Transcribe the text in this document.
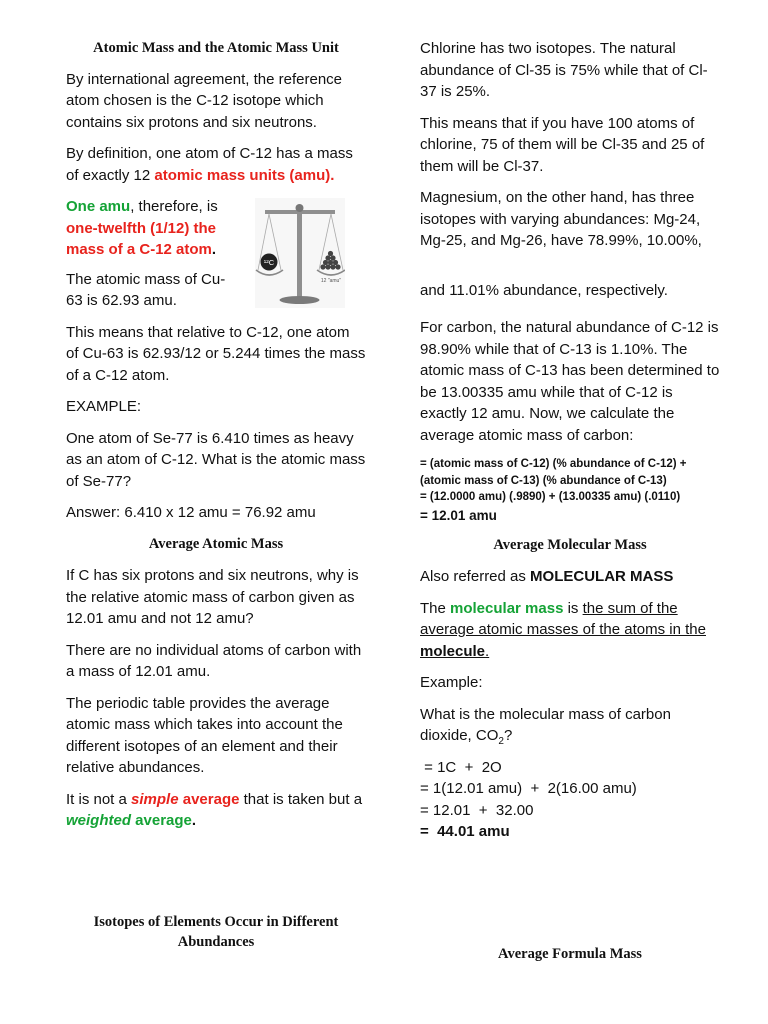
Atomic Mass and the Atomic Mass Unit

By international agreement, the reference atom chosen is the C-12 isotope which contains six protons and six neutrons.

By definition, one atom of C-12 has a mass of exactly 12 atomic mass units (amu).

One amu, therefore, is
one-twelfth (1/12) the mass of a C-12 atom.

The atomic mass of Cu-63 is 62.93 amu.

This means that relative to C-12, one atom of Cu-63 is 62.93/12 or 5.244 times the mass of a C-12 atom.

EXAMPLE:

One atom of Se-77 is 6.410 times as heavy as an atom of C-12. What is the atomic mass of Se-77?

Answer: 6.410 x 12 amu = 76.92 amu

Average Atomic Mass

If C has six protons and six neutrons, why is the relative atomic mass of carbon given as 12.01 amu and not 12 amu?

There are no individual atoms of carbon with a mass of 12.01 amu.

The periodic table provides the average atomic mass which takes into account the different isotopes of an element and their relative abundances.

It is not a simple average that is taken but a weighted average.

Isotopes of Elements Occur in Different Abundances

¹²C
12 "amu"

Chlorine has two isotopes. The natural abundance of Cl-35 is 75% while that of Cl-37 is 25%.

This means that if you have 100 atoms of chlorine, 75 of them will be Cl-35 and 25 of them will be Cl-37.

Magnesium, on the other hand, has three isotopes with varying abundances: Mg-24, Mg-25, and Mg-26, have 78.99%, 10.00%,

and 11.01% abundance, respectively.

For carbon, the natural abundance of C-12 is 98.90% while that of C-13 is 1.10%. The atomic mass of C-13 has been determined to be 13.00335 amu while that of C-12 is exactly 12 amu. Now, we calculate the average atomic mass of carbon:

= (atomic mass of C-12) (% abundance of C-12) +

(atomic mass of C-13) (% abundance of C-13)

= (12.0000 amu) (.9890) + (13.00335 amu) (.0110)

= 12.01 amu

Average Molecular Mass

Also referred as MOLECULAR MASS

The molecular mass is the sum of the average atomic masses of the atoms in the molecule.

Example:

What is the molecular mass of carbon dioxide, $CO_2$?

= 1C  +  2O

= 1(12.01 amu)  +  2(16.00 amu)

= 12.01  +  32.00

=  44.01 amu

Average Formula Mass
